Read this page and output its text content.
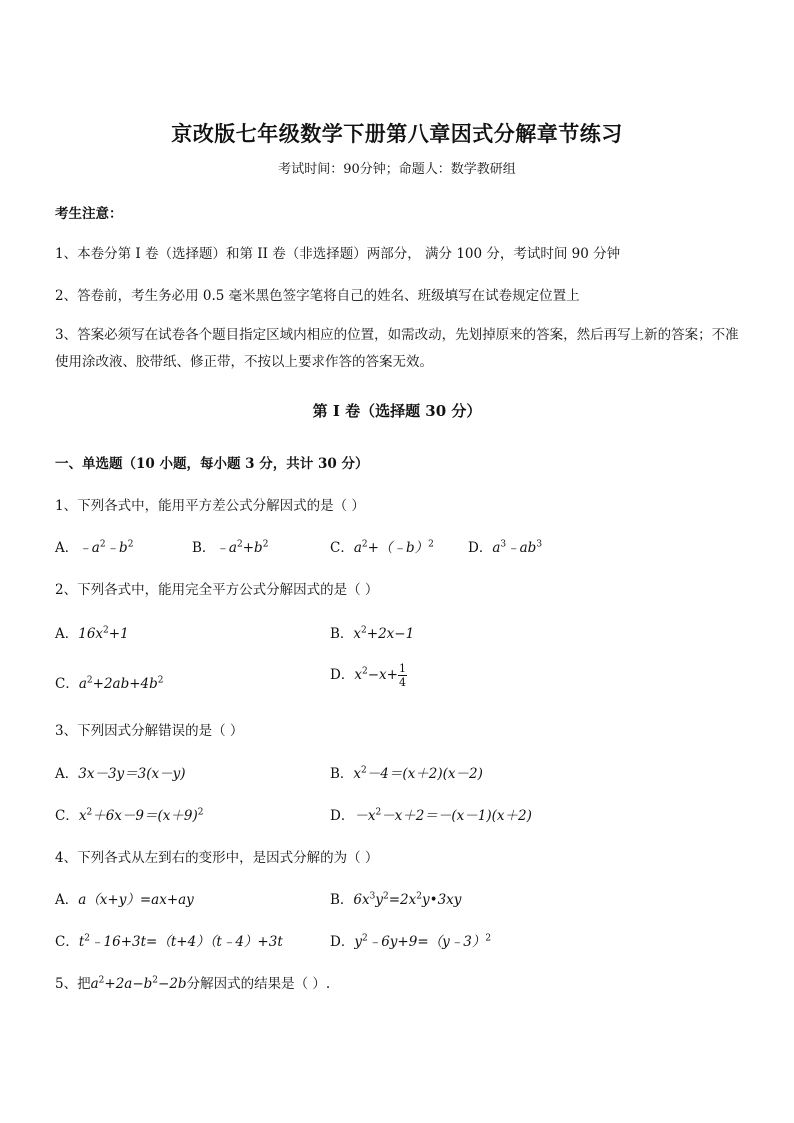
京改版七年级数学下册第八章因式分解章节练习
考试时间：90分钟；命题人：数学教研组
考生注意：
1、本卷分第 I 卷（选择题）和第 II 卷（非选择题）两部分， 满分 100 分，考试时间 90 分钟
2、答卷前，考生务必用 0.5 毫米黑色签字笔将自己的姓名、班级填写在试卷规定位置上
3、答案必须写在试卷各个题目指定区域内相应的位置，如需改动，先划掉原来的答案，然后再写上新的答案；不准使用涂改液、胶带纸、修正带，不按以上要求作答的答案无效。
第 I 卷（选择题 30 分）
一、单选题（10 小题，每小题 3 分，共计 30 分）
1、下列各式中，能用平方差公式分解因式的是（ ）
A．$﹣a^2﹣b^2$	B．$﹣a^2+b^2$	C．$a^2+(﹣b)^2$	D．$a^3﹣ab^3$
2、下列各式中，能用完全平方公式分解因式的是（ ）
A．$16x^2+1$	B．$x^2+2x-1$
C．$a^2+2ab+4b^2$	D．$x^2-x+ \frac{1}{4}$
3、下列因式分解错误的是（ ）
A．3x－3y＝3(x－y)	B．$x^2-4=(x+2)(x-2)$
C．$x^2+6x-9=(x+9)^2$	D．$-x^2-x+2=-(x-1)(x+2)$
4、下列各式从左到右的变形中，是因式分解的为（ ）
A．a（x+y）=ax+ay	B．$6x^3y^2=2x^2y•3xy$
C．$t^2﹣16+3t=(t+4)(t﹣4)+3t$	D．$y^2﹣6y+9=(y﹣3)^2$
5、把$a^2+2a-b^2-2b$分解因式的结果是（ ）.
